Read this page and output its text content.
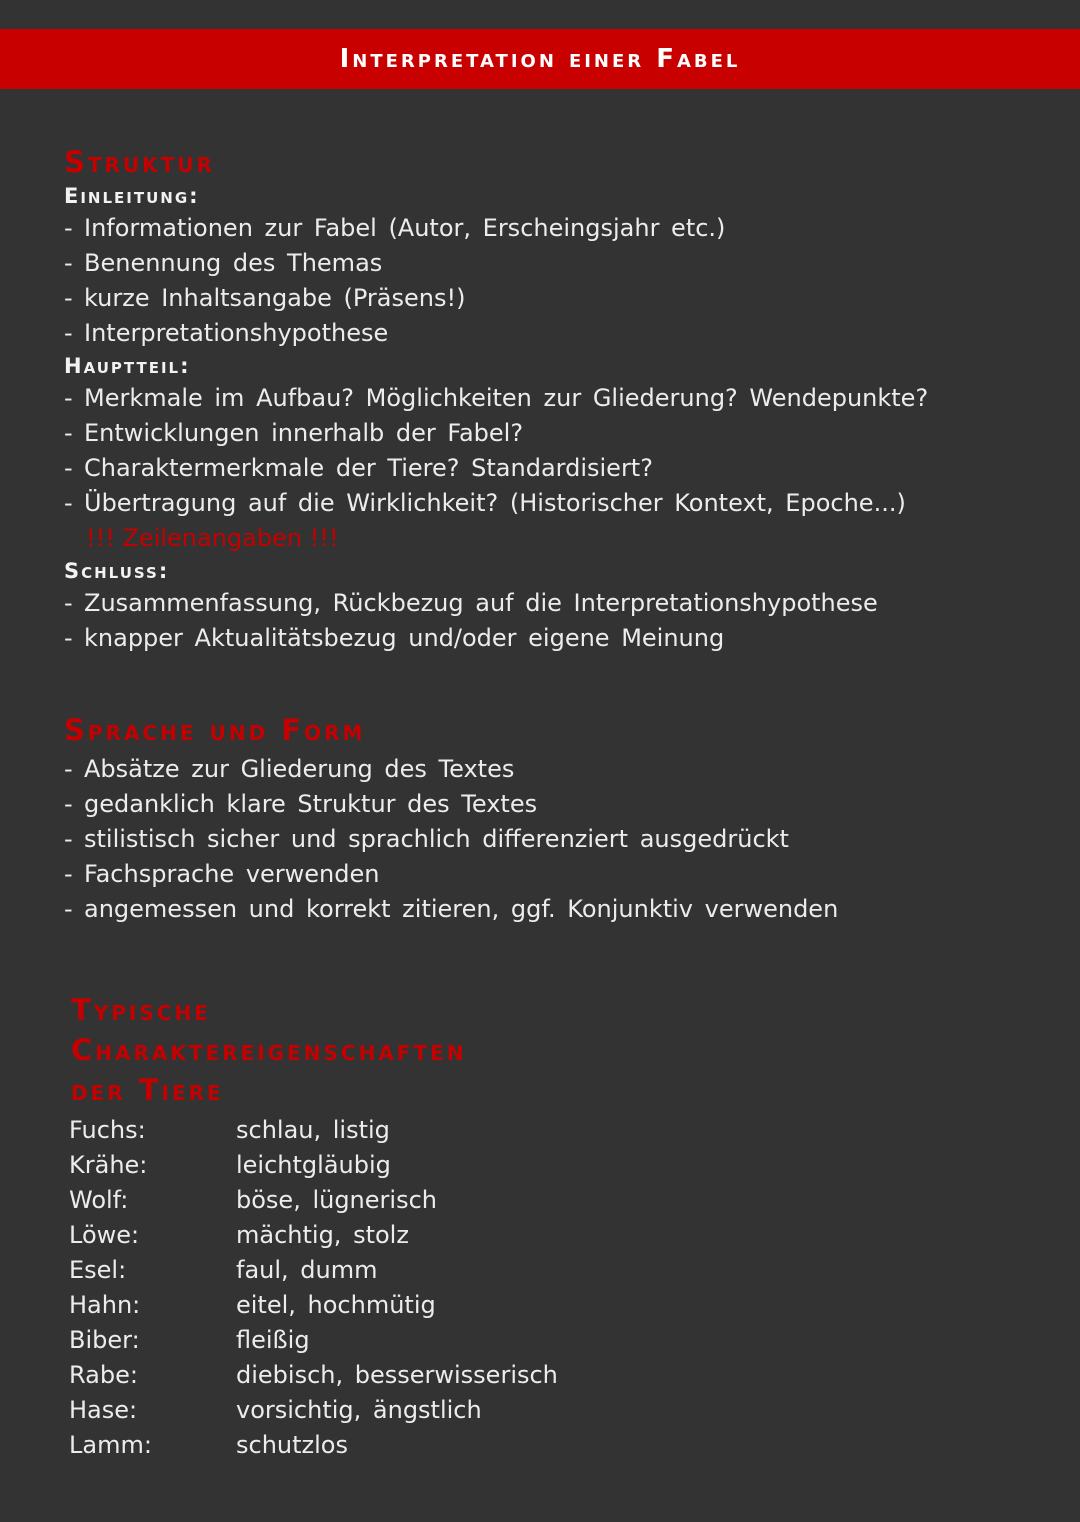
Interpretation einer Fabel
Struktur
Einleitung:
- Informationen zur Fabel (Autor, Erscheingsjahr etc.)
- Benennung des Themas
- kurze Inhaltsangabe (Präsens!)
- Interpretationshypothese
Hauptteil:
- Merkmale im Aufbau? Möglichkeiten zur Gliederung? Wendepunkte?
- Entwicklungen innerhalb der Fabel?
- Charaktermerkmale der Tiere? Standardisiert?
- Übertragung auf die Wirklichkeit? (Historischer Kontext, Epoche...)
!!! Zeilenangaben !!!
Schluss:
- Zusammenfassung, Rückbezug auf die Interpretationshypothese
- knapper Aktualitätsbezug und/oder eigene Meinung
Sprache und Form
- Absätze zur Gliederung des Textes
- gedanklich klare Struktur des Textes
- stilistisch sicher und sprachlich differenziert ausgedrückt
- Fachsprache verwenden
- angemessen und korrekt zitieren, ggf. Konjunktiv verwenden
Typische
Charaktereigenschaften
der Tiere
Fuchs:	schlau, listig
Krähe:	leichtgläubig
Wolf:	böse, lügnerisch
Löwe:	mächtig, stolz
Esel:	faul, dumm
Hahn:	eitel, hochmütig
Biber:	fleißig
Rabe:	diebisch, besserwisserisch
Hase:	vorsichtig, ängstlich
Lamm:	schutzlos
